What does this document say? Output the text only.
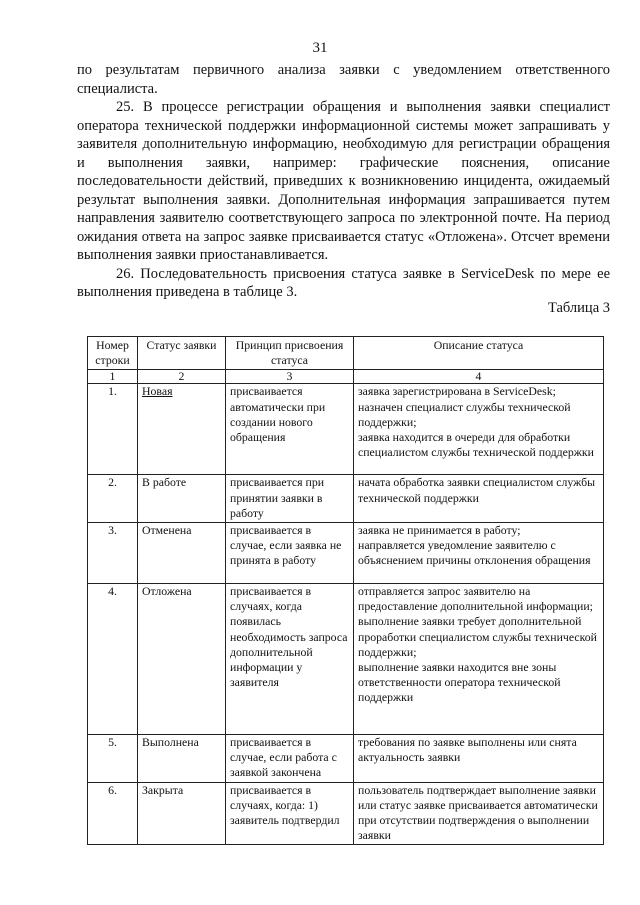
31

по результатам первичного анализа заявки с уведомлением ответственного специалиста.

25. В процессе регистрации обращения и выполнения заявки специалист оператора технической поддержки информационной системы может запрашивать у заявителя дополнительную информацию, необходимую для регистрации обращения и выполнения заявки, например: графические пояснения, описание последовательности действий, приведших к возникновению инцидента, ожидаемый результат выполнения заявки. Дополнительная информация запрашивается путем направления заявителю соответствующего запроса по электронной почте. На период ожидания ответа на запрос заявке присваивается статус «Отложена». Отсчет времени выполнения заявки приостанавливается.

26. Последовательность присвоения статуса заявке в ServiceDesk по мере ее выполнения приведена в таблице 3.

Таблица 3
Номер строки	Статус заявки	Принцип присвоения статуса	Описание статуса
1	2	3	4
1.	Новая	присваивается автоматически при создании нового обращения	заявка зарегистрирована в ServiceDesk;
назначен специалист службы технической поддержки;
заявка находится в очереди для обработки специалистом службы технической поддержки

2.	В работе	присваивается при принятии заявки в работу	начата обработка заявки специалистом службы технической поддержки

3.	Отменена	присваивается в случае, если заявка не принята в работу	заявка не принимается в работу;
направляется уведомление заявителю с объяснением причины отклонения обращения

4.	Отложена	присваивается в случаях, когда появилась необходимость запроса дополнительной информации у заявителя	отправляется запрос заявителю на предоставление дополнительной информации;
выполнение заявки требует дополнительной проработки специалистом службы технической поддержки;
выполнение заявки находится вне зоны ответственности оператора технической поддержки

5.	Выполнена	присваивается в случае, если работа с заявкой закончена	требования по заявке выполнены или снята актуальность заявки

6.	Закрыта	присваивается в случаях, когда: 1) заявитель подтвердил	пользователь подтверждает выполнение заявки или статус заявке присваивается автоматически при отсутствии подтверждения о выполнении заявки
